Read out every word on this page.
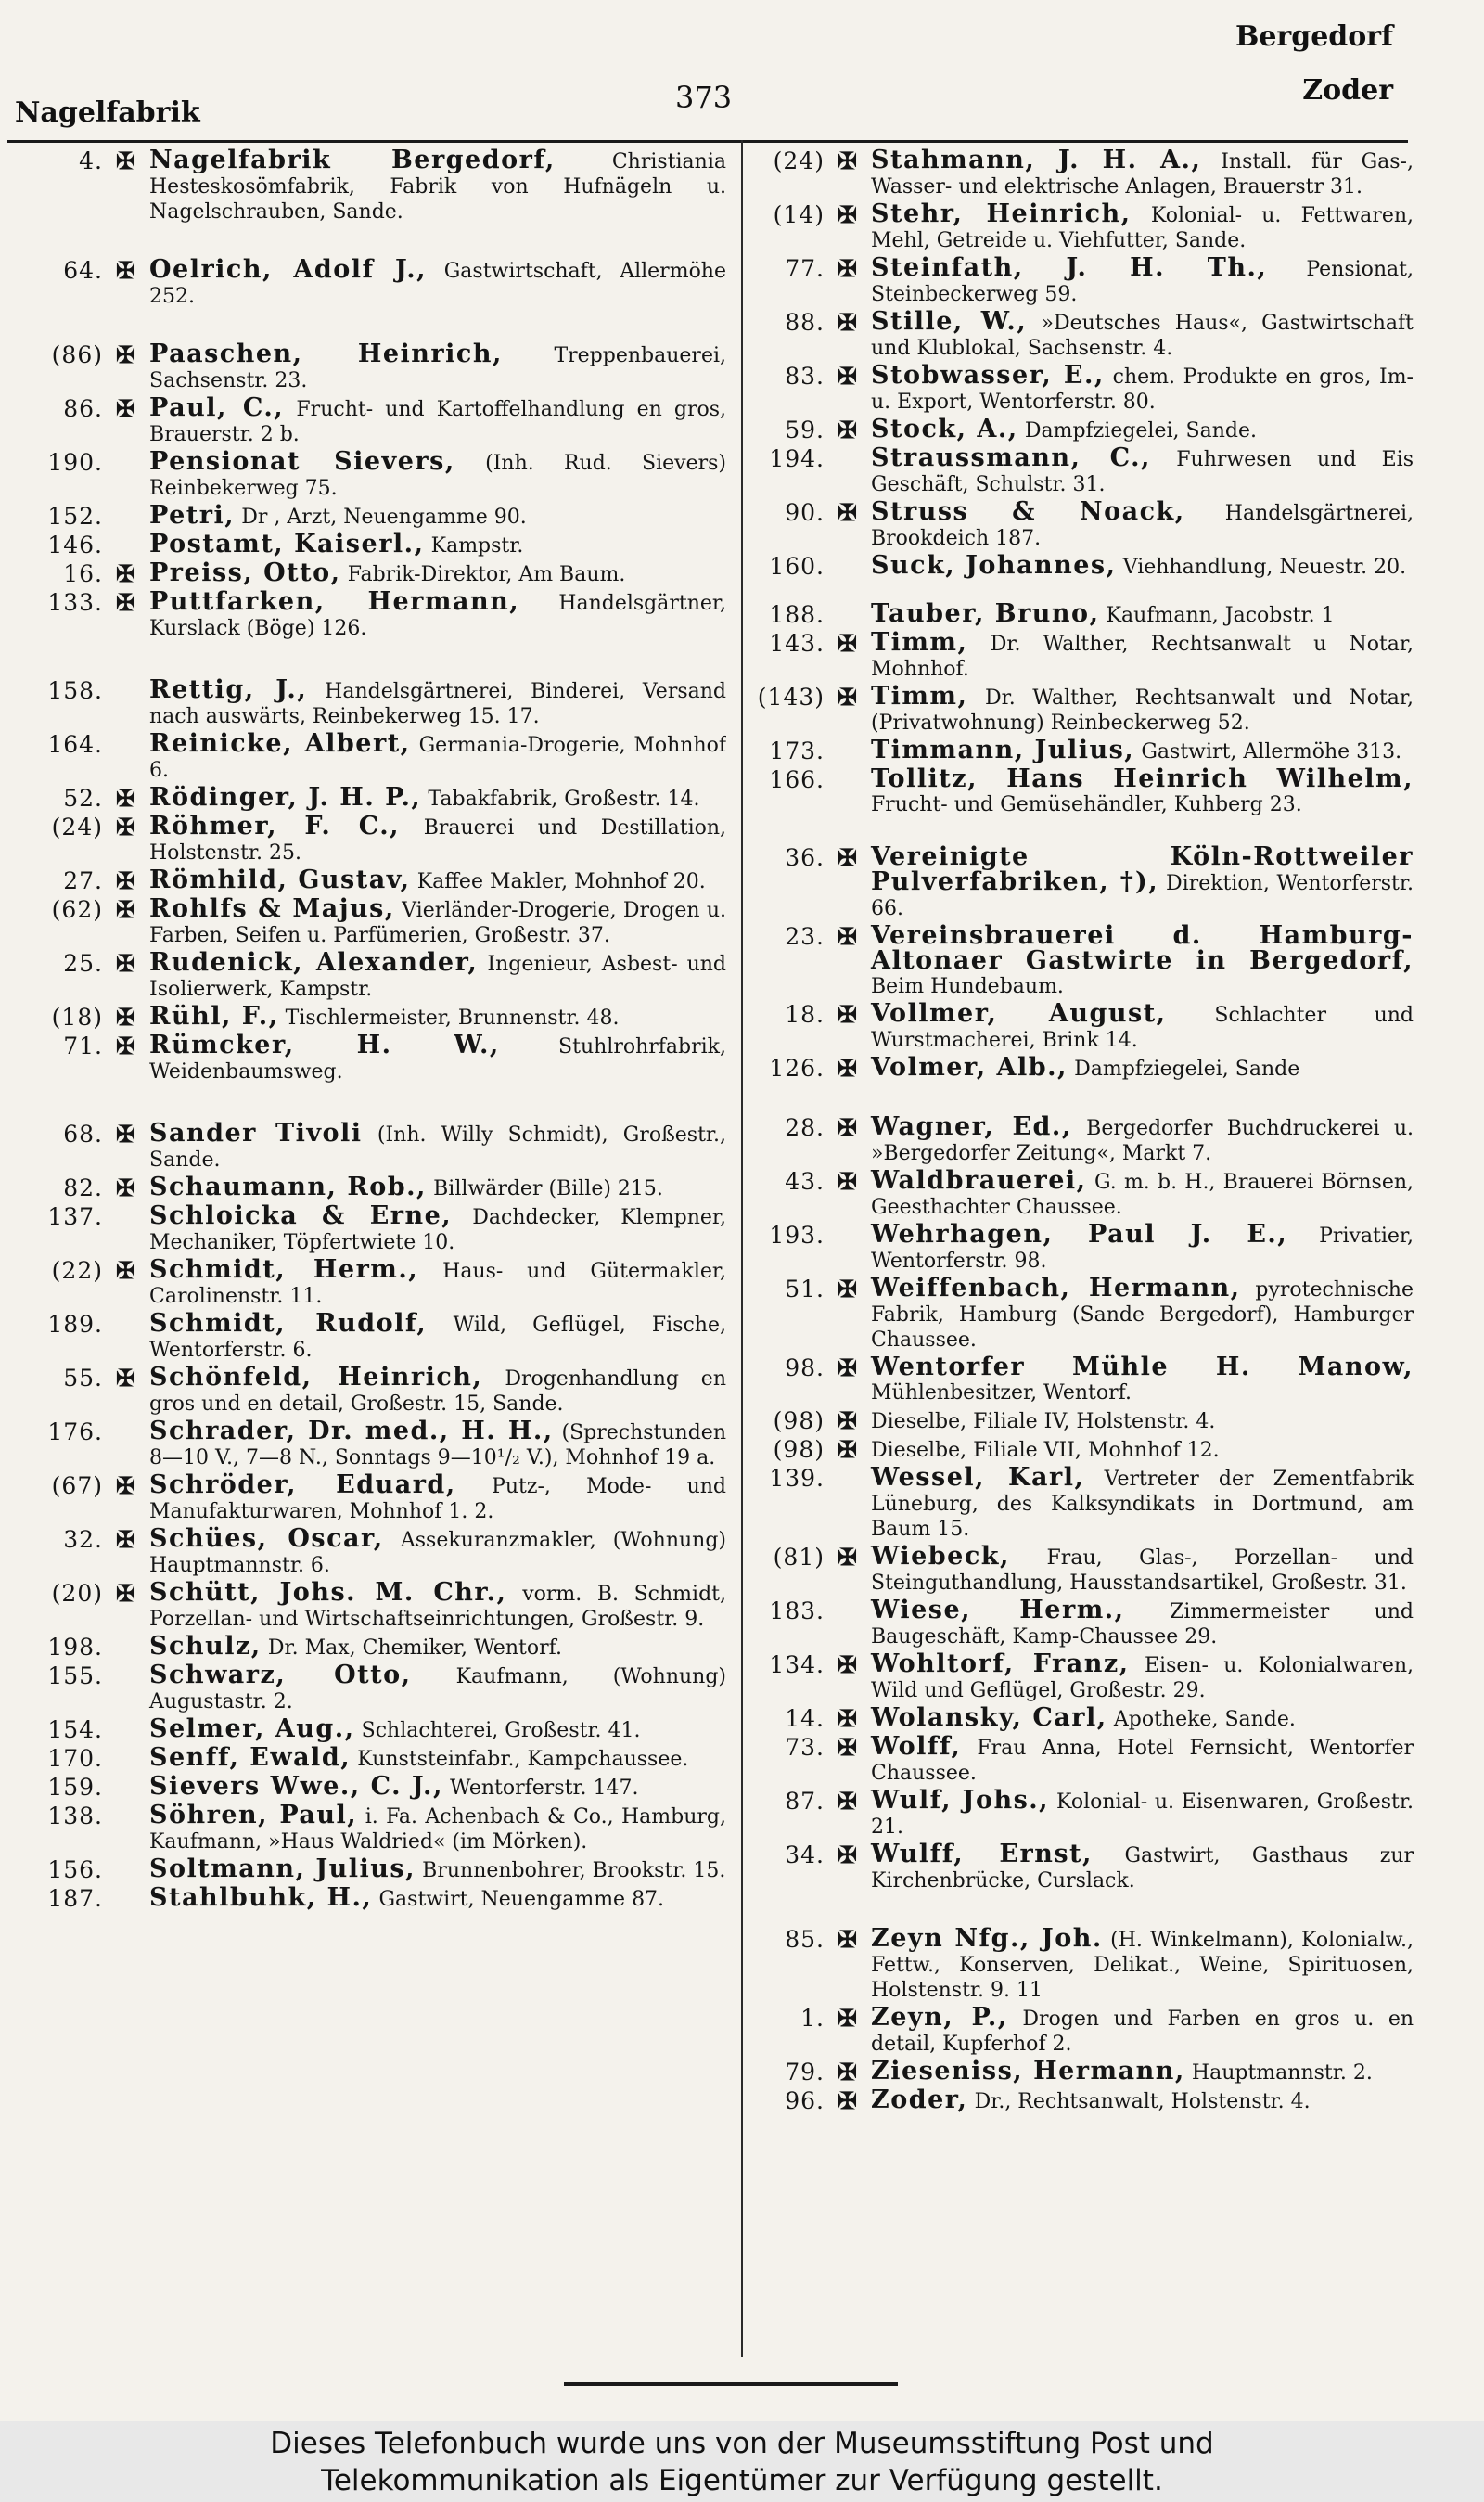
Nagelfabrik	373
Bergedorf
Zoder
4. ✠ Nagelfabrik Bergedorf,	Christiania Hesteskosömfabrik, Fabrik von Hufnägeln u. Nagelschrauben, Sande.
64. ✠ Oelrich, Adolf J., Gastwirtschaft, Allermöhe 252.
(86) ✠ Paaschen, Heinrich,	Treppenbauerei, Sachsenstr. 23.
86. ✠ Paul, C., Frucht- und Kartoffelhandlung en gros, Brauerstr. 2 b.
190.	Pensionat Sievers, (Inh. Rud. Sievers) Reinbekerweg 75.
152.	Petri, Dr , Arzt, Neuengamme 90.
146.	Postamt, Kaiserl., Kampstr.
16. ✠ Preiss, Otto, Fabrik-Direktor, Am Baum.
133. ✠ Puttfarken, Hermann, Handelsgärtner, Kurslack (Böge) 126.
158.	Rettig, J., Handelsgärtnerei, Binderei, Versand nach auswärts, Reinbekerweg 15. 17.
164.	Reinicke, Albert, Germania-Drogerie, Mohnhof 6.
52. ✠ Rödinger, J. H. P., Tabakfabrik, Großestr. 14.
(24) ✠ Röhmer, F. C., Brauerei und Destillation, Holstenstr. 25.
27. ✠ Römhild, Gustav, Kaffee Makler, Mohnhof 20.
(62) ✠ Rohlfs & Majus, Vierländer-Drogerie, Drogen u. Farben, Seifen u. Parfümerien, Großestr. 37.
25. ✠ Rudenick, Alexander, Ingenieur, Asbest- und Isolierwerk, Kampstr.
(18) ✠ Rühl, F., Tischlermeister, Brunnenstr. 48.
71. ✠ Rümcker, H. W.,	Stuhlrohrfabrik, Weidenbaumsweg.
68. ✠ Sander Tivoli (Inh. Willy Schmidt), Großestr., Sande.
82. ✠ Schaumann, Rob., Billwärder (Bille) 215.
137.	Schloicka & Erne, Dachdecker, Klempner, Mechaniker, Töpfertwiete 10.
(22) ✠ Schmidt, Herm., Haus- und Gütermakler, Carolinenstr. 11.
189.	Schmidt, Rudolf, Wild, Geflügel, Fische, Wentorferstr. 6.
55. ✠ Schönfeld, Heinrich, Drogenhandlung en gros und en detail, Großestr. 15, Sande.
176.	Schrader, Dr. med., H. H., (Sprechstunden 8—10 V., 7—8 N., Sonntags 9—10¹/₂ V.), Mohnhof 19 a.
(67) ✠ Schröder, Eduard, Putz-, Mode- und Manufakturwaren, Mohnhof 1. 2.
32. ✠ Schües, Oscar, Assekuranzmakler, (Wohnung) Hauptmannstr. 6.
(20) ✠ Schütt, Johs. M. Chr., vorm. B. Schmidt, Porzellan- und Wirtschaftseinrichtungen, Großestr. 9.
198.	Schulz, Dr. Max, Chemiker, Wentorf.
155.	Schwarz, Otto, Kaufmann, (Wohnung) Augustastr. 2.
154.	Selmer, Aug., Schlachterei, Großestr. 41.
170.	Senff, Ewald, Kunststeinfabr., Kampchaussee.
159.	Sievers Wwe., C. J., Wentorferstr. 147.
138.	Söhren, Paul, i. Fa. Achenbach & Co., Hamburg, Kaufmann, »Haus Waldried« (im Mörken).
156.	Soltmann, Julius, Brunnenbohrer, Brookstr. 15.
187.	Stahlbuhk, H., Gastwirt, Neuengamme 87.
(24) ✠ Stahmann, J. H. A., Install. für Gas-, Wasser- und elektrische Anlagen, Brauerstr 31.
(14) ✠ Stehr, Heinrich, Kolonial- u. Fettwaren, Mehl, Getreide u. Viehfutter, Sande.
77. ✠ Steinfath, J. H. Th., Pensionat, Steinbeckerweg 59.
88. ✠ Stille, W., »Deutsches Haus«, Gastwirtschaft und Klublokal, Sachsenstr. 4.
83. ✠ Stobwasser, E., chem. Produkte en gros, Im- u. Export, Wentorferstr. 80.
59. ✠ Stock, A., Dampfziegelei, Sande.
194.	Straussmann, C., Fuhrwesen und Eis Geschäft, Schulstr. 31.
90. ✠ Struss & Noack, Handelsgärtnerei, Brookdeich 187.
160.	Suck, Johannes, Viehhandlung, Neuestr. 20.
188.	Tauber, Bruno, Kaufmann, Jacobstr. 1
143. ✠ Timm, Dr. Walther, Rechtsanwalt u Notar, Mohnhof.
(143) ✠ Timm, Dr. Walther, Rechtsanwalt und Notar, (Privatwohnung) Reinbeckerweg 52.
173.	Timmann, Julius, Gastwirt, Allermöhe 313.
166.	Tollitz, Hans Heinrich Wilhelm, Frucht- und Gemüsehändler, Kuhberg 23.
36. ✠ Vereinigte Köln-Rottweiler Pulverfabriken, †), Direktion, Wentorferstr. 66.
23. ✠ Vereinsbrauerei d. Hamburg-Altonaer Gastwirte in Bergedorf, Beim Hundebaum.
18. ✠ Vollmer, August, Schlachter und Wurstmacherei, Brink 14.
126. ✠ Volmer, Alb., Dampfziegelei, Sande
28. ✠ Wagner, Ed., Bergedorfer Buchdruckerei u. »Bergedorfer Zeitung«, Markt 7.
43. ✠ Waldbrauerei, G. m. b. H., Brauerei Börnsen, Geesthachter Chaussee.
193.	Wehrhagen, Paul J. E., Privatier, Wentorferstr. 98.
51. ✠ Weiffenbach, Hermann, pyrotechnische Fabrik, Hamburg (Sande Bergedorf), Hamburger Chaussee.
98. ✠ Wentorfer Mühle H. Manow, Mühlenbesitzer, Wentorf.
(98) ✠ Dieselbe, Filiale IV, Holstenstr. 4.
(98) ✠ Dieselbe, Filiale VII, Mohnhof 12.
139.	Wessel, Karl, Vertreter der Zementfabrik Lüneburg, des Kalksyndikats in Dortmund, am Baum 15.
(81) ✠ Wiebeck, Frau, Glas-, Porzellan- und Steinguthandlung, Hausstandsartikel, Großestr. 31.
183.	Wiese, Herm., Zimmermeister und Baugeschäft, Kamp-Chaussee 29.
134. ✠ Wohltorf, Franz, Eisen- u. Kolonialwaren, Wild und Geflügel, Großestr. 29.
14. ✠ Wolansky, Carl, Apotheke, Sande.
73. ✠ Wolff, Frau Anna, Hotel Fernsicht, Wentorfer Chaussee.
87. ✠ Wulf, Johs., Kolonial- u. Eisenwaren, Großestr. 21.
34. ✠ Wulff, Ernst, Gastwirt, Gasthaus zur Kirchenbrücke, Curslack.
85. ✠ Zeyn Nfg., Joh. (H. Winkelmann), Kolonialw., Fettw., Konserven, Delikat., Weine, Spirituosen, Holstenstr. 9. 11
1. ✠ Zeyn, P., Drogen und Farben en gros u. en detail, Kupferhof 2.
79. ✠ Zieseniss, Hermann, Hauptmannstr. 2.
96. ✠ Zoder, Dr., Rechtsanwalt, Holstenstr. 4.
Dieses Telefonbuch wurde uns von der Museumsstiftung Post und
Telekommunikation als Eigentümer zur Verfügung gestellt.
